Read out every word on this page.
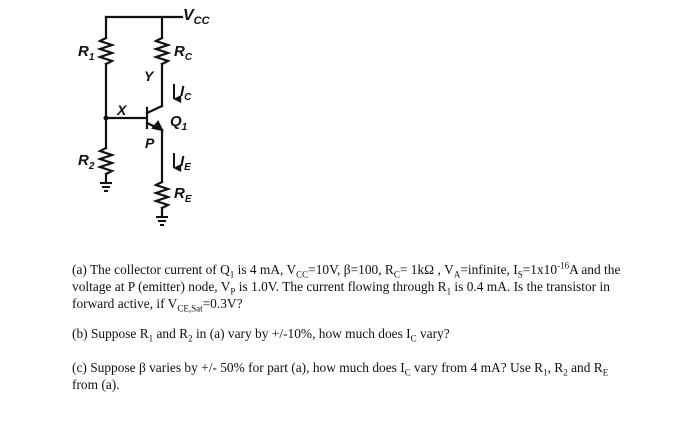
$V_{CC}$
$R_1$	$R_C$
Y
$I_C$
X
$Q_1$
P
$R_2$	$I_E$
$R_E$
(a) The collector current of $Q_1$ is 4 mA, $V_{CC}=10V$, β=100, $R_C= 1k\Omega$ , $V_A=infinite$, $I_S=1x10^{-16}A$ and the voltage at P (emitter) node, $V_P$ is 1.0V. The current flowing through $R_1$ is 0.4 mA. Is the transistor in forward active, if $V_{CE,Sat}=0.3V$?
(b) Suppose $R_1$ and $R_2$ in (a) vary by +/-10%, how much does $I_C$ vary?
(c) Suppose β varies by +/- 50% for part (a), how much does $I_C$ vary from 4 mA? Use $R_1$, $R_2$ and $R_E$ from (a).
